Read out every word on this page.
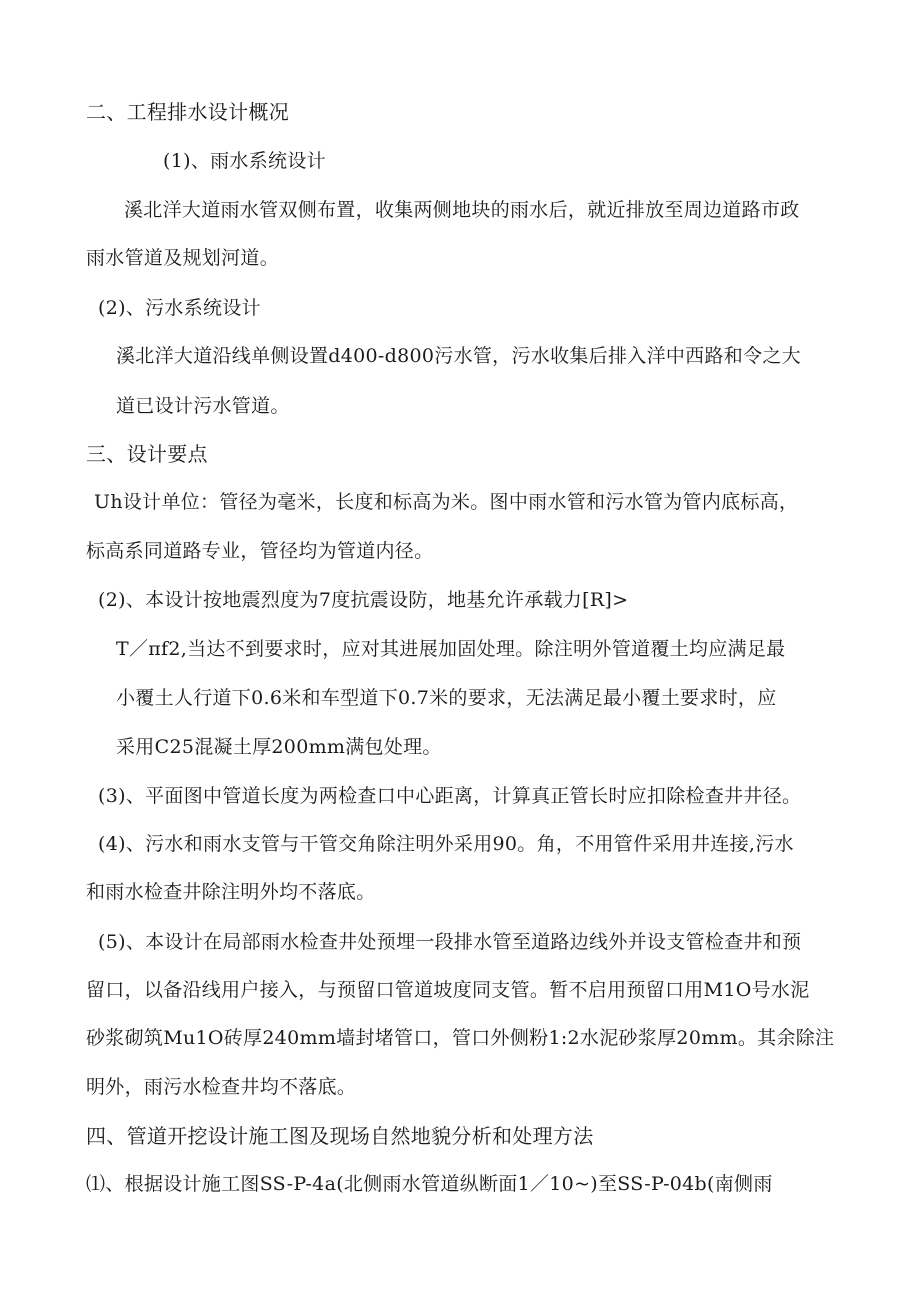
二、工程排水设计概况
(1)、雨水系统设计
溪北洋大道雨水管双侧布置，收集两侧地块的雨水后，就近排放至周边道路市政
雨水管道及规划河道。
(2)、污水系统设计
溪北洋大道沿线单侧设置d400-d800污水管，污水收集后排入洋中西路和令之大
道已设计污水管道。
三、设计要点
Uh设计单位：管径为毫米，长度和标高为米。图中雨水管和污水管为管内底标高，
标高系同道路专业，管径均为管道内径。
(2)、本设计按地震烈度为7度抗震设防，地基允许承载力[R]>
T／πf2,当达不到要求时，应对其进展加固处理。除注明外管道覆土均应满足最
小覆土人行道下0.6米和车型道下0.7米的要求，无法满足最小覆土要求时，应
采用C25混凝土厚200mm满包处理。
(3)、平面图中管道长度为两检查口中心距离，计算真正管长时应扣除检查井井径。
(4)、污水和雨水支管与干管交角除注明外采用90。角，不用管件采用井连接,污水
和雨水检查井除注明外均不落底。
(5)、本设计在局部雨水检查井处预埋一段排水管至道路边线外并设支管检查井和预
留口，以备沿线用户接入，与预留口管道坡度同支管。暂不启用预留口用M1O号水泥
砂浆砌筑Mu1O砖厚240mm墙封堵管口，管口外侧粉1:2水泥砂浆厚20mm。其余除注
明外，雨污水检查井均不落底。
四、管道开挖设计施工图及现场自然地貌分析和处理方法
⑴、根据设计施工图SS-P-4a(北侧雨水管道纵断面1／10~)至SS-P-04b(南侧雨
